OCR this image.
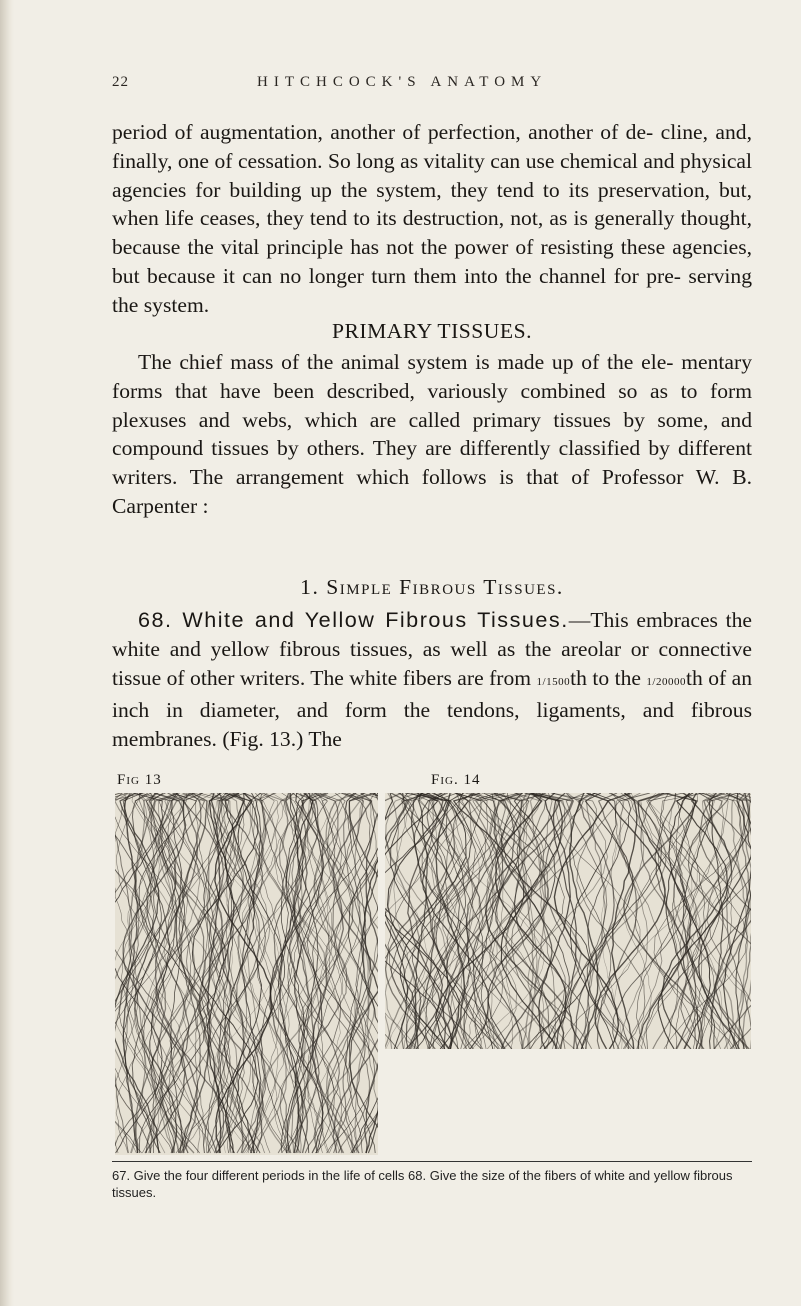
22	HITCHCOCK'S ANATOMY

period of augmentation, another of perfection, another of de- cline, and, finally, one of cessation. So long as vitality can use chemical and physical agencies for building up the system, they tend to its preservation, but, when life ceases, they tend to its destruction, not, as is generally thought, because the vital principle has not the power of resisting these agencies, but because it can no longer turn them into the channel for pre- serving the system.

PRIMARY TISSUES.

The chief mass of the animal system is made up of the ele- mentary forms that have been described, variously combined so as to form plexuses and webs, which are called primary tissues by some, and compound tissues by others. They are differently classified by different writers. The arrangement which follows is that of Professor W. B. Carpenter :

1. Simple Fibrous Tissues.

68. White and Yellow Fibrous Tissues.—This embraces the white and yellow fibrous tissues, as well as the areolar or connective tissue of other writers. The white fibers are from 1/1500th to the 1/20000th of an inch in diameter, and form the tendons, ligaments, and fibrous membranes. (Fig. 13.) The

Fig 13	Fig. 14
67. Give the four different periods in the life of cells 68. Give the size of the fibers of white and yellow fibrous tissues.
